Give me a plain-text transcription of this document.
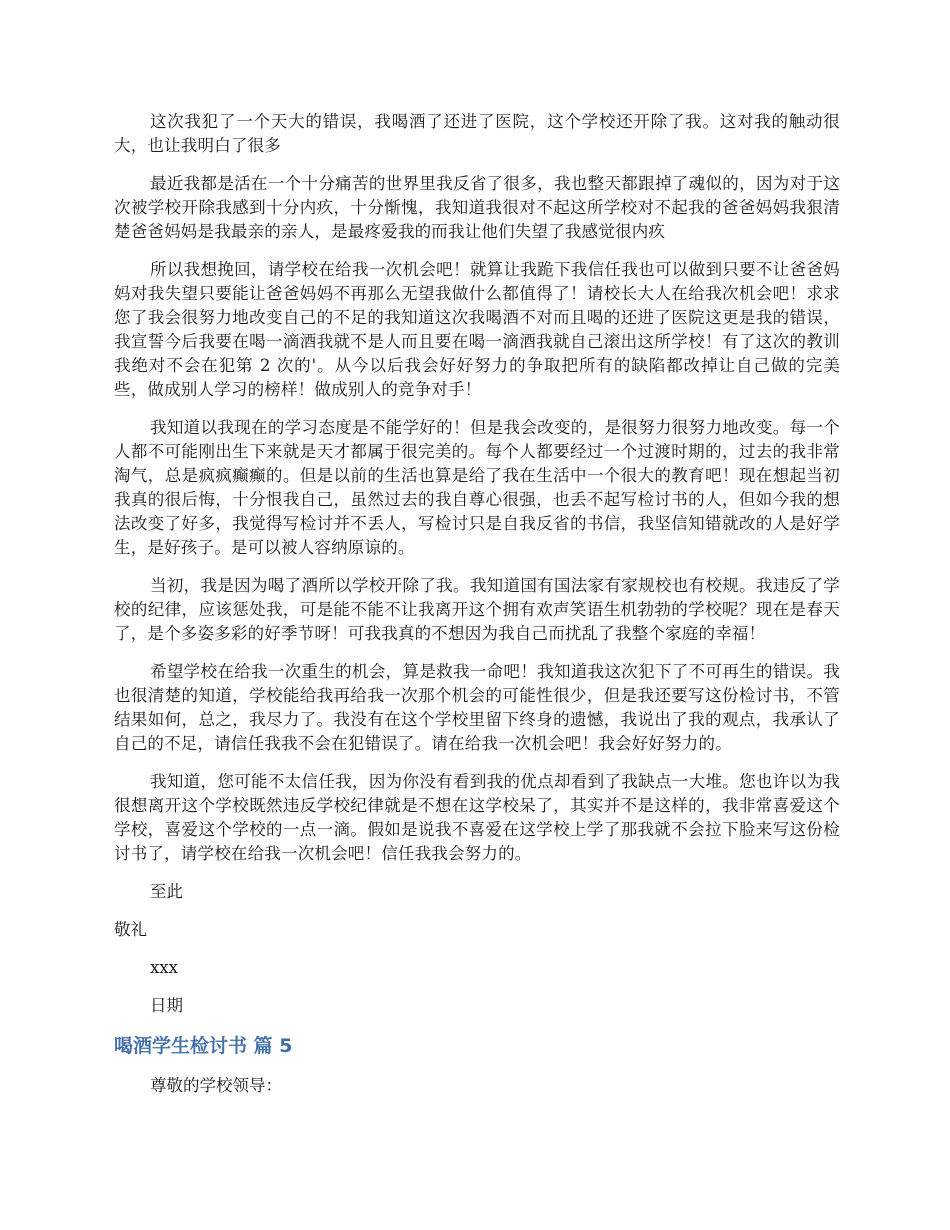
这次我犯了一个天大的错误，我喝酒了还进了医院，这个学校还开除了我。这对我的触动很大，也让我明白了很多

最近我都是活在一个十分痛苦的世界里我反省了很多，我也整天都跟掉了魂似的，因为对于这次被学校开除我感到十分内疚，十分惭愧，我知道我很对不起这所学校对不起我的爸爸妈妈我狠清楚爸爸妈妈是我最亲的亲人，是最疼爱我的而我让他们失望了我感觉很内疚

所以我想挽回，请学校在给我一次机会吧！就算让我跪下我信任我也可以做到只要不让爸爸妈妈对我失望只要能让爸爸妈妈不再那么无望我做什么都值得了！请校长大人在给我次机会吧！求求您了我会很努力地改变自己的不足的我知道这次我喝酒不对而且喝的还进了医院这更是我的错误，我宣誓今后我要在喝一滴酒我就不是人而且要在喝一滴酒我就自己滚出这所学校！有了这次的教训我绝对不会在犯第 2 次的'。从今以后我会好好努力的争取把所有的缺陷都改掉让自己做的完美些，做成别人学习的榜样！做成别人的竞争对手！

我知道以我现在的学习态度是不能学好的！但是我会改变的，是很努力很努力地改变。每一个人都不可能刚出生下来就是天才都属于很完美的。每个人都要经过一个过渡时期的，过去的我非常淘气，总是疯疯癫癫的。但是以前的生活也算是给了我在生活中一个很大的教育吧！现在想起当初我真的很后悔，十分恨我自己，虽然过去的我自尊心很强，也丢不起写检讨书的人，但如今我的想法改变了好多，我觉得写检讨并不丢人，写检讨只是自我反省的书信，我坚信知错就改的人是好学生，是好孩子。是可以被人容纳原谅的。

当初，我是因为喝了酒所以学校开除了我。我知道国有国法家有家规校也有校规。我违反了学校的纪律，应该惩处我，可是能不能不让我离开这个拥有欢声笑语生机勃勃的学校呢？现在是春天了，是个多姿多彩的好季节呀！可我我真的不想因为我自己而扰乱了我整个家庭的幸福！

希望学校在给我一次重生的机会，算是救我一命吧！我知道我这次犯下了不可再生的错误。我也很清楚的知道，学校能给我再给我一次那个机会的可能性很少，但是我还要写这份检讨书，不管结果如何，总之，我尽力了。我没有在这个学校里留下终身的遗憾，我说出了我的观点，我承认了自己的不足，请信任我我不会在犯错误了。请在给我一次机会吧！我会好好努力的。

我知道，您可能不太信任我，因为你没有看到我的优点却看到了我缺点一大堆。您也许以为我很想离开这个学校既然违反学校纪律就是不想在这学校呆了，其实并不是这样的，我非常喜爱这个学校，喜爱这个学校的一点一滴。假如是说我不喜爱在这学校上学了那我就不会拉下脸来写这份检讨书了，请学校在给我一次机会吧！信任我我会努力的。

至此

敬礼

xxx

日期

喝酒学生检讨书 篇 5

尊敬的学校领导：
